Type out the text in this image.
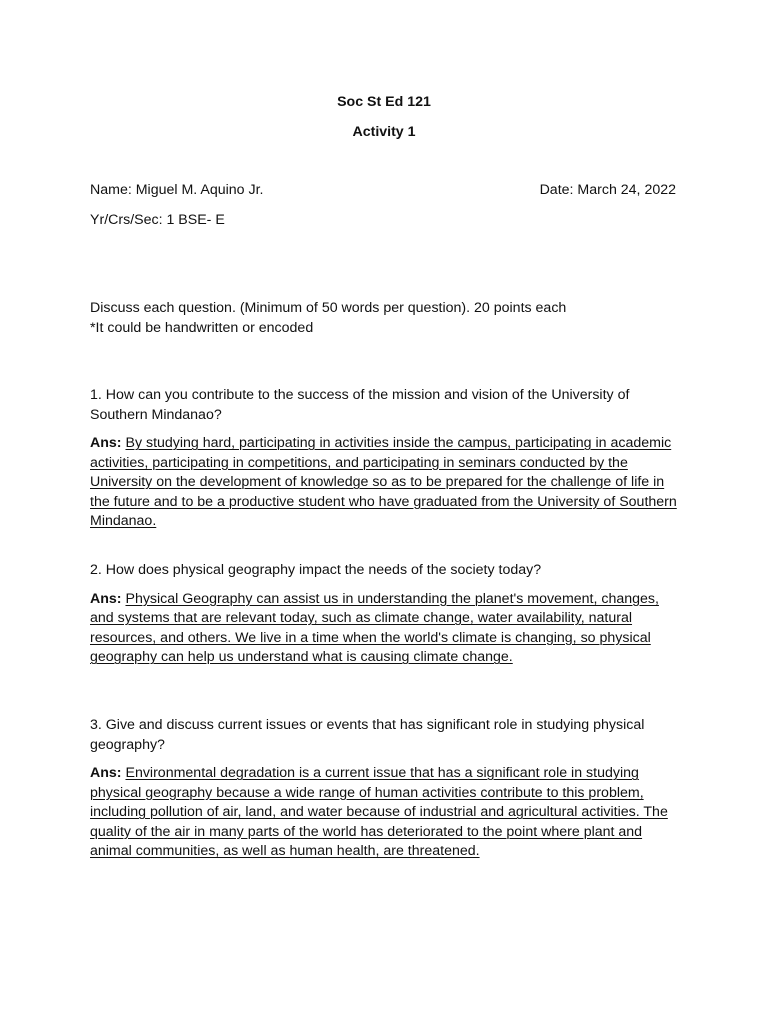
Soc St Ed 121
Activity 1
Name: Miguel M. Aquino Jr.	Date: March 24, 2022
Yr/Crs/Sec: 1 BSE- E
Discuss each question. (Minimum of 50 words per question). 20 points each
*It could be handwritten or encoded

1. How can you contribute to the success of the mission and vision of the University of Southern Mindanao?

Ans: By studying hard, participating in activities inside the campus, participating in academic activities, participating in competitions, and participating in seminars conducted by the University on the development of knowledge so as to be prepared for the challenge of life in the future and to be a productive student who have graduated from the University of Southern Mindanao.

2. How does physical geography impact the needs of the society today?

Ans: Physical Geography can assist us in understanding the planet's movement, changes, and systems that are relevant today, such as climate change, water availability, natural resources, and others. We live in a time when the world's climate is changing, so physical geography can help us understand what is causing climate change.

3. Give and discuss current issues or events that has significant role in studying physical geography?

Ans: Environmental degradation is a current issue that has a significant role in studying physical geography because a wide range of human activities contribute to this problem, including pollution of air, land, and water because of industrial and agricultural activities. The quality of the air in many parts of the world has deteriorated to the point where plant and animal communities, as well as human health, are threatened.
